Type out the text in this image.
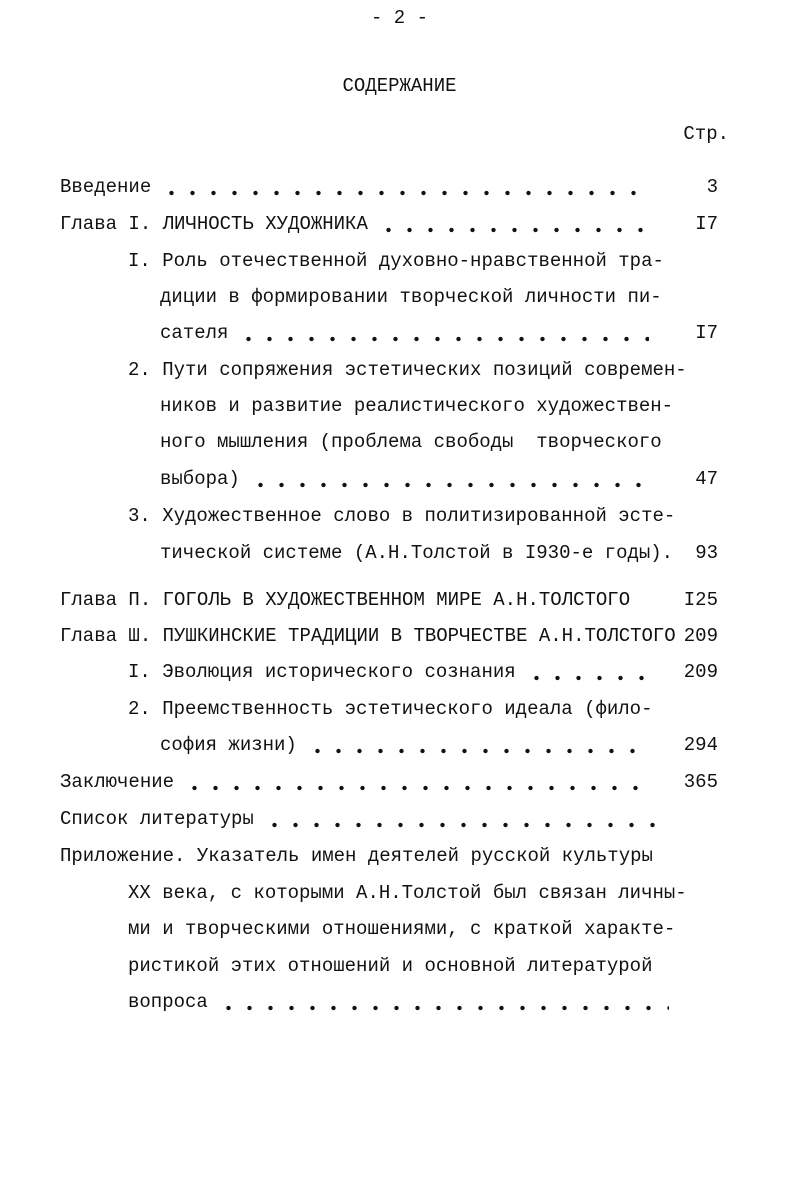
- 2 -
СОДЕРЖАНИЕ
Стр.
Введение	3
Глава I. ЛИЧНОСТЬ ХУДОЖНИКА	I7
I. Роль отечественной духовно-нравственной тра-
диции в формировании творческой личности пи-
сателя	I7
2. Пути сопряжения эстетических позиций современ-
ников и развитие реалистического художествен-
ного мышления (проблема свободы  творческого
выбора)	47
3. Художественное слово в политизированной эсте-
тической системе (А.Н.Толстой в I930-е годы).	93
Глава П. ГОГОЛЬ В ХУДОЖЕСТВЕННОМ МИРЕ А.Н.ТОЛСТОГО	I25
Глава Ш. ПУШКИНСКИЕ ТРАДИЦИИ В ТВОРЧЕСТВЕ А.Н.ТОЛСТОГО 209
I. Эволюция исторического сознания	209
2. Преемственность эстетического идеала (фило-
софия жизни)	294
Заключение	365
Список литературы
Приложение. Указатель имен деятелей русской культуры
XX века, с которыми А.Н.Толстой был связан личны-
ми и творческими отношениями, с краткой характе-
ристикой этих отношений и основной литературой
вопроса
